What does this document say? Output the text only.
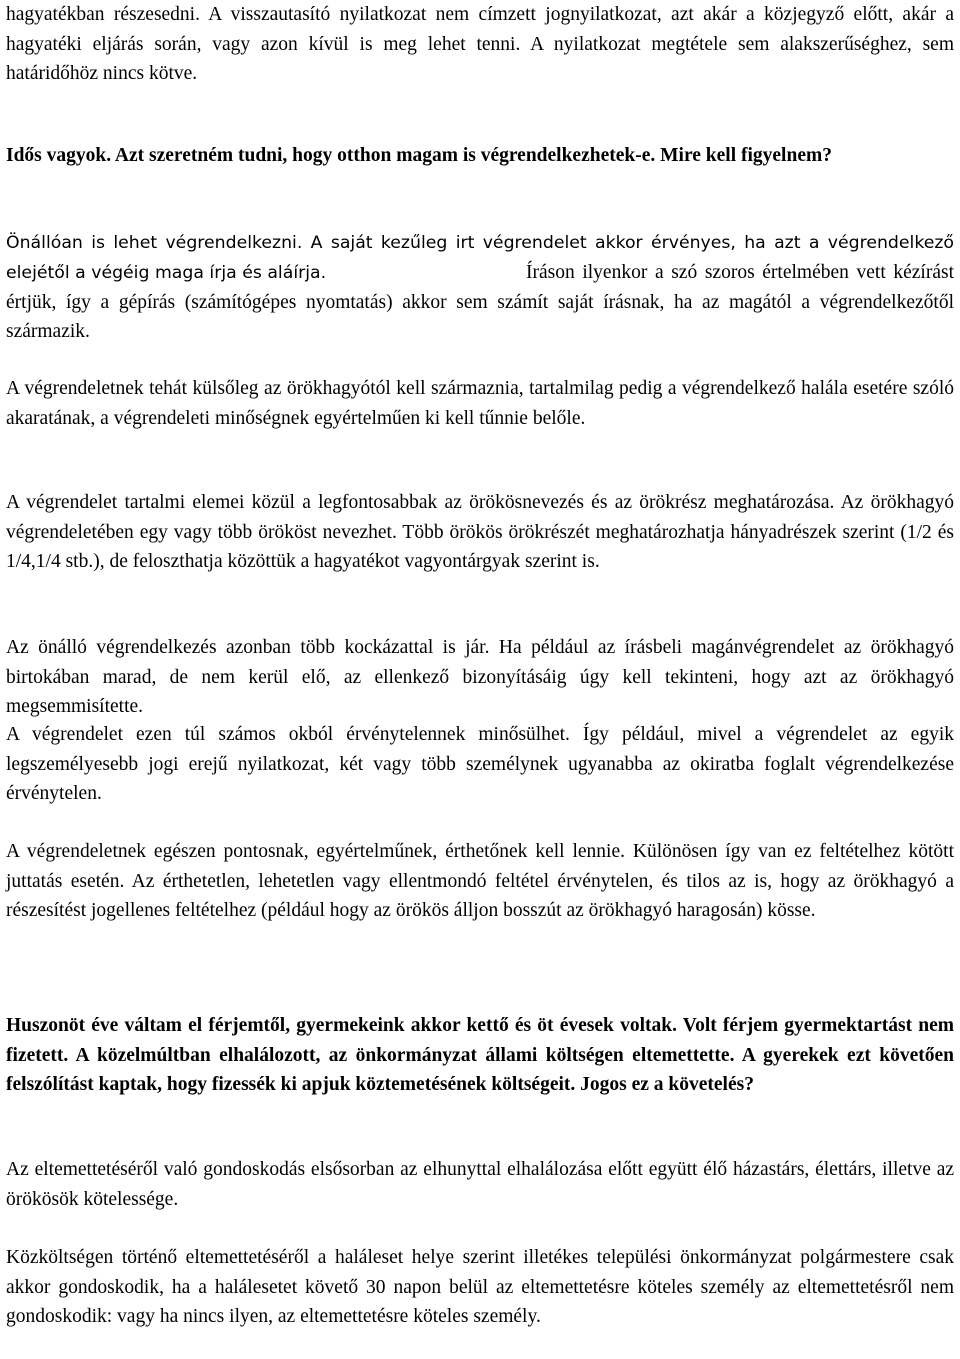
hagyatékban részesedni. A visszautasító nyilatkozat nem címzett jognyilatkozat, azt akár a közjegyző előtt, akár a hagyatéki eljárás során, vagy azon kívül is meg lehet tenni. A nyilatkozat megtétele sem alakszerűséghez, sem határidőhöz nincs kötve.

Idős vagyok. Azt szeretném tudni, hogy otthon magam is végrendelkezhetek-e. Mire kell figyelnem?

Önállóan is lehet végrendelkezni. A saját kezűleg irt végrendelet akkor érvényes, ha azt a végrendelkező elejétől a végéig maga írja és aláírja.	Íráson ilyenkor a szó szoros értelmében vett kézírást értjük, így a gépírás (számítógépes nyomtatás) akkor sem számít saját írásnak, ha az magától a végrendelkezőtől származik.

A végrendeletnek tehát külsőleg az örökhagyótól kell származnia, tartalmilag pedig a végrendelkező halála esetére szóló akaratának, a végrendeleti minőségnek egyértelműen ki kell tűnnie belőle.

A végrendelet tartalmi elemei közül a legfontosabbak az örökösnevezés és az örökrész meghatározása. Az örökhagyó végrendeletében egy vagy több örököst nevezhet. Több örökös örökrészét meghatározhatja hányadrészek szerint (1/2 és 1/4,1/4 stb.), de feloszthatja közöttük a hagyatékot vagyontárgyak szerint is.

Az önálló végrendelkezés azonban több kockázattal is jár. Ha például az írásbeli magánvégrendelet az örökhagyó birtokában marad, de nem kerül elő, az ellenkező bizonyításáig úgy kell tekinteni, hogy azt az örökhagyó megsemmisítette.

A végrendelet ezen túl számos okból érvénytelennek minősülhet. Így például, mivel a végrendelet az egyik legszemélyesebb jogi erejű nyilatkozat, két vagy több személynek ugyanabba az okiratba foglalt végrendelkezése érvénytelen.

A végrendeletnek egészen pontosnak, egyértelműnek, érthetőnek kell lennie. Különösen így van ez feltételhez kötött juttatás esetén. Az érthetetlen, lehetetlen vagy ellentmondó feltétel érvénytelen, és tilos az is, hogy az örökhagyó a részesítést jogellenes feltételhez (például hogy az örökös álljon bosszút az örökhagyó haragosán) kösse.

Huszonöt éve váltam el férjemtől, gyermekeink akkor kettő és öt évesek voltak. Volt férjem gyermektartást nem fizetett. A közelmúltban elhalálozott, az önkormányzat állami költségen eltemettette. A gyerekek ezt követően felszólítást kaptak, hogy fizessék ki apjuk köztemetésének költségeit. Jogos ez a követelés?

Az eltemettetéséről való gondoskodás elsősorban az elhunyttal elhalálozása előtt együtt élő házastárs, élettárs, illetve az örökösök kötelessége.

Közköltségen történő eltemettetéséről a haláleset helye szerint illetékes települési önkormányzat polgármestere csak akkor gondoskodik, ha a halálesetet követő 30 napon belül az eltemettetésre köteles személy az eltemettetésről nem gondoskodik: vagy ha nincs ilyen, az eltemettetésre köteles személy.
